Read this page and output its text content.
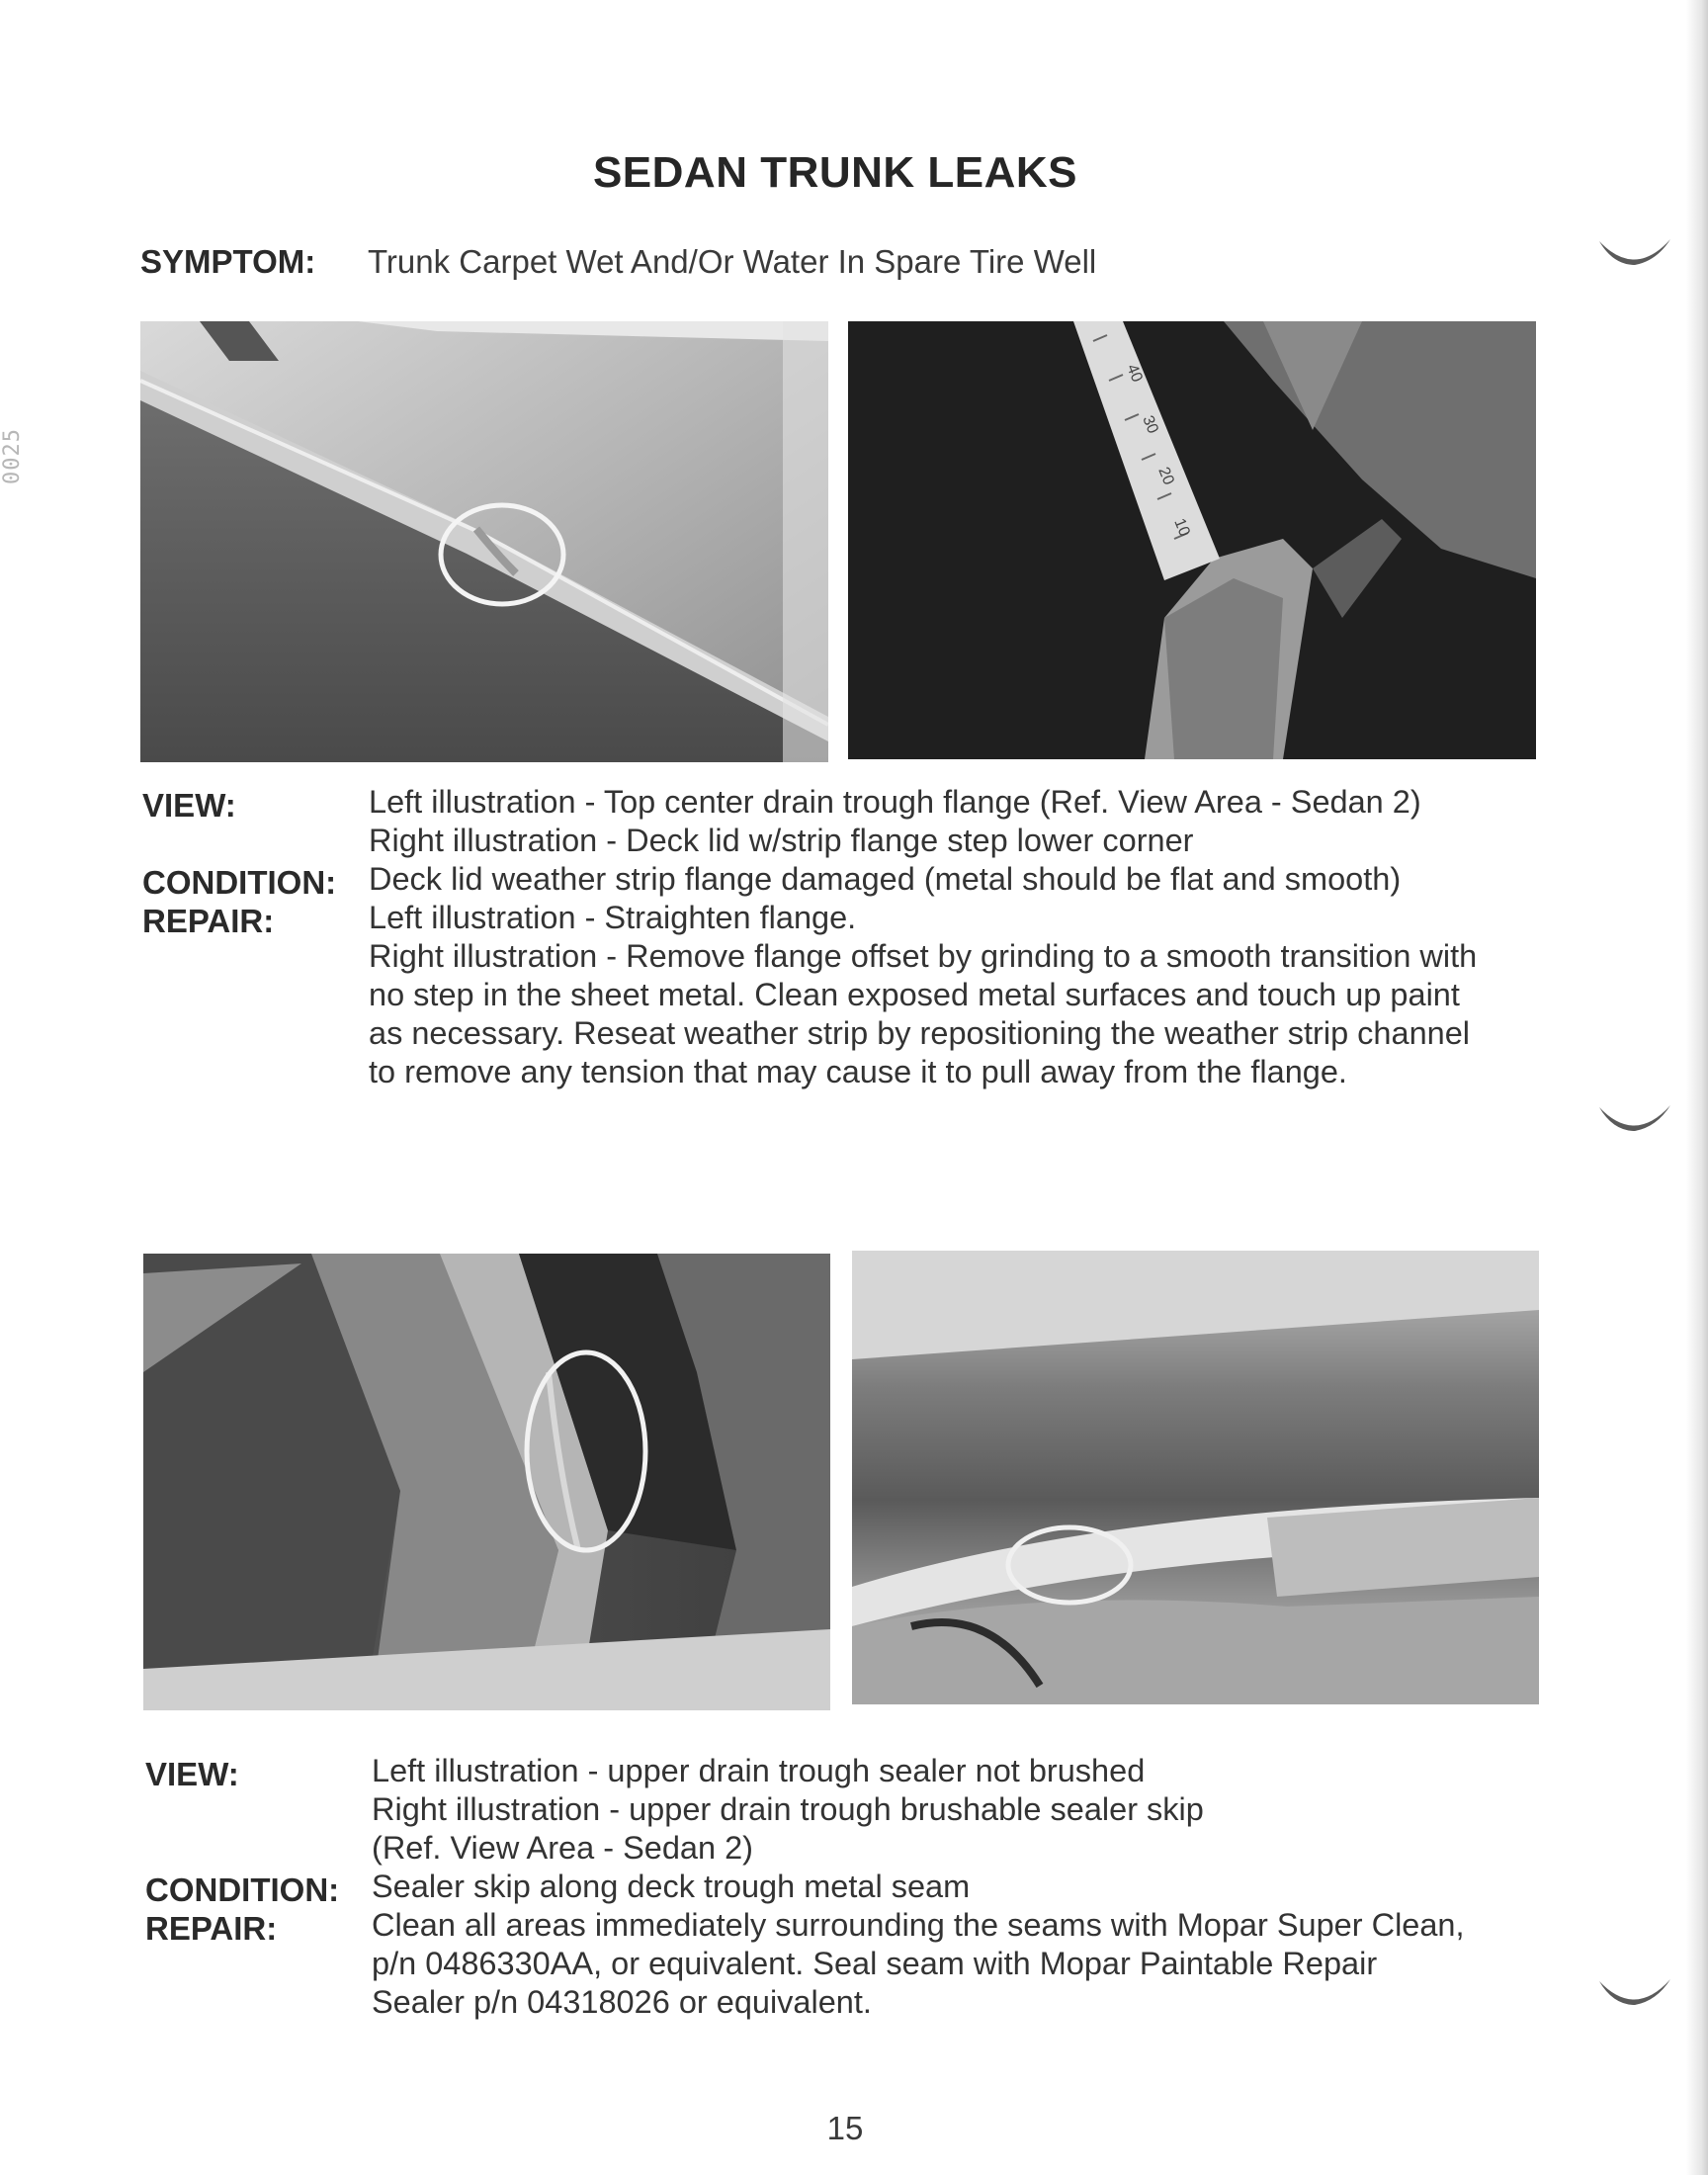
0025
SEDAN TRUNK LEAKS
SYMPTOM: Trunk Carpet Wet And/Or Water In Spare Tire Well
40
30
20
10
VIEW:	Left illustration - Top center drain trough flange (Ref. View Area - Sedan 2)
Right illustration - Deck lid w/strip flange step lower corner
CONDITION: Deck lid weather strip flange damaged (metal should be flat and smooth)
REPAIR:	Left illustration - Straighten flange.
Right illustration - Remove flange offset by grinding to a smooth transition with
no step in the sheet metal. Clean exposed metal surfaces and touch up paint
as necessary. Reseat weather strip by repositioning the weather strip channel
to remove any tension that may cause it to pull away from the flange.
VIEW:	Left illustration - upper drain trough sealer not brushed
Right illustration - upper drain trough brushable sealer skip
(Ref. View Area - Sedan 2)
CONDITION: Sealer skip along deck trough metal seam
REPAIR:	Clean all areas immediately surrounding the seams with Mopar Super Clean,
p/n 0486330AA, or equivalent. Seal seam with Mopar Paintable Repair
Sealer p/n 04318026 or equivalent.
15
